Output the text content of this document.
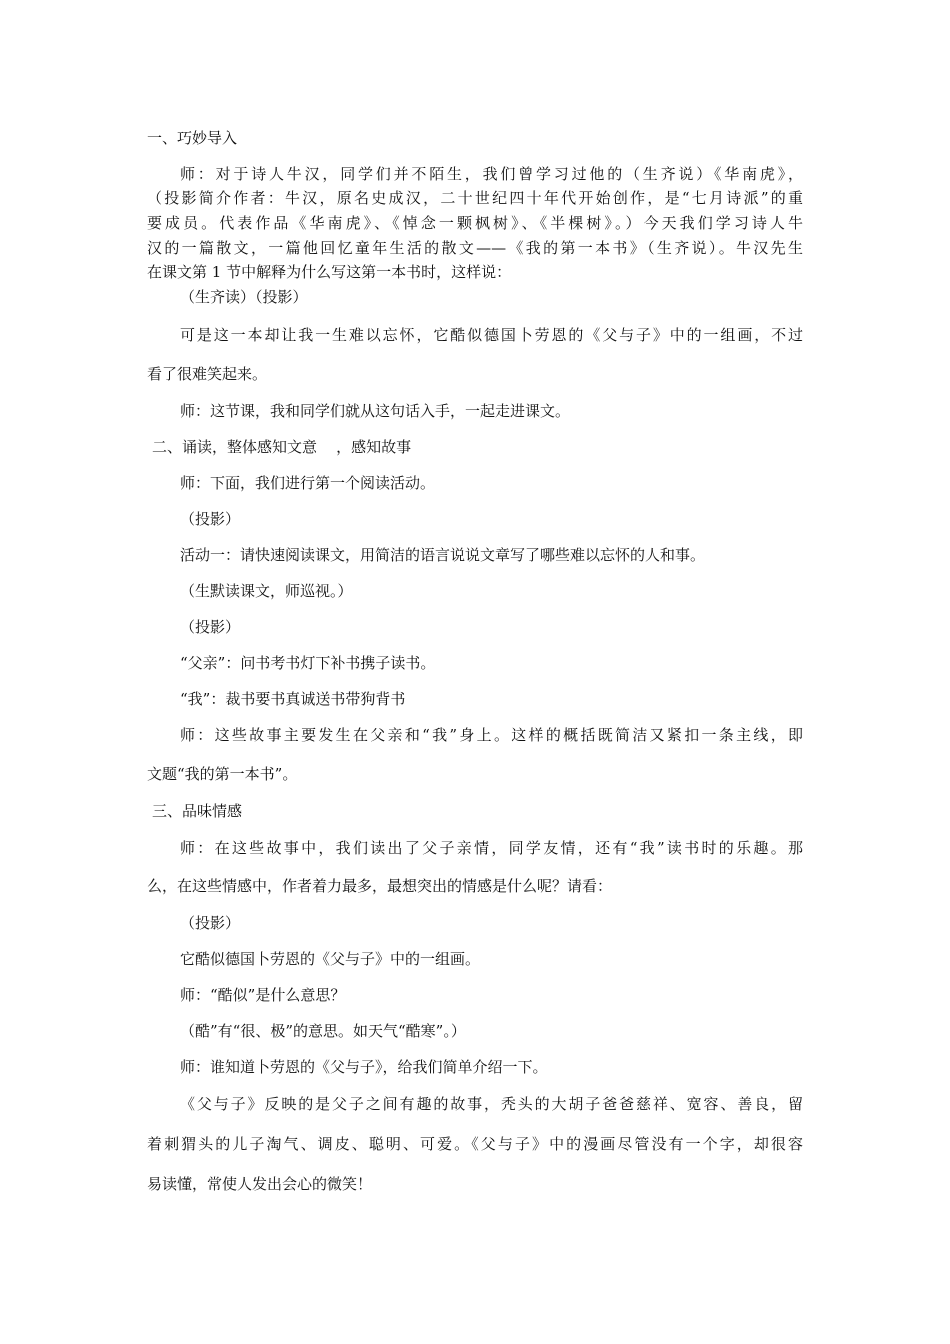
一、巧妙导入
师：对于诗人牛汉，同学们并不陌生，我们曾学习过他的（生齐说）《华南虎》，
（投影简介作者：牛汉，原名史成汉，二十世纪四十年代开始创作，是“七月诗派”的重
要成员。代表作品《华南虎》、《悼念一颗枫树》、《半棵树》。）今天我们学习诗人牛
汉的一篇散文，一篇他回忆童年生活的散文——《我的第一本书》（生齐说）。牛汉先生
在课文第 1 节中解释为什么写这第一本书时，这样说：
（生齐读）（投影）
可是这一本却让我一生难以忘怀，它酷似德国卜劳恩的《父与子》中的一组画，不过
看了很难笑起来。
师：这节课，我和同学们就从这句话入手，一起走进课文。
二、诵读，整体感知文意    ，感知故事
师：下面，我们进行第一个阅读活动。
（投影）
活动一：请快速阅读课文，用简洁的语言说说文章写了哪些难以忘怀的人和事。
（生默读课文，师巡视。）
（投影）
“父亲”：问书考书灯下补书携子读书。
“我”：裁书要书真诚送书带狗背书
师：这些故事主要发生在父亲和“我”身上。这样的概括既简洁又紧扣一条主线，即
文题“我的第一本书”。
三、品味情感
师：在这些故事中，我们读出了父子亲情，同学友情，还有“我”读书时的乐趣。那
么，在这些情感中，作者着力最多，最想突出的情感是什么呢？请看：
（投影）
它酷似德国卜劳恩的《父与子》中的一组画。
师：“酷似”是什么意思？
（酷”有“很、极”的意思。如天气“酷寒”。）
师：谁知道卜劳恩的《父与子》，给我们简单介绍一下。
《父与子》反映的是父子之间有趣的故事，秃头的大胡子爸爸慈祥、宽容、善良，留
着刺猬头的儿子淘气、调皮、聪明、可爱。《父与子》中的漫画尽管没有一个字，却很容
易读懂，常使人发出会心的微笑！
